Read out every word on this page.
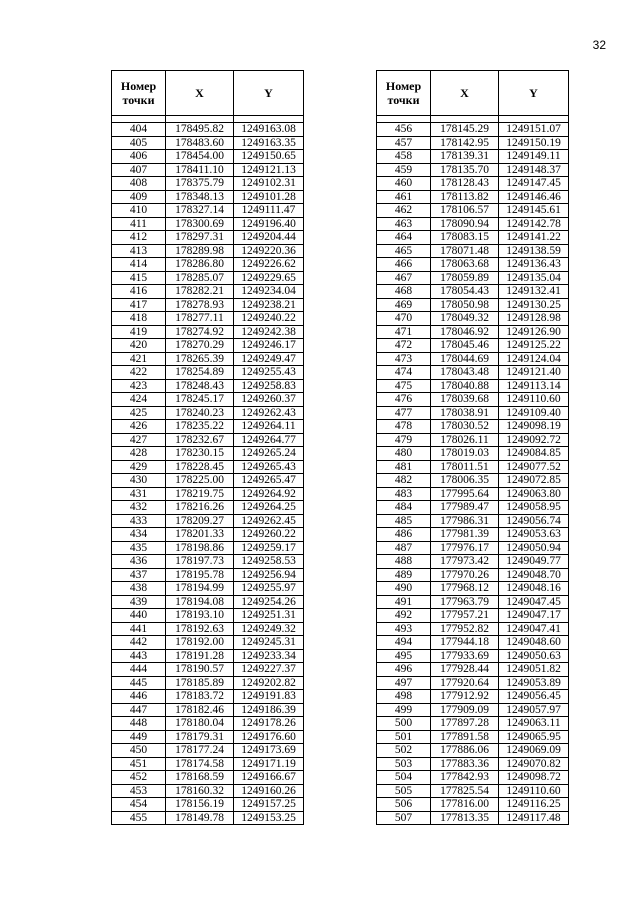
32
Номер точки	X	Y

404	178495.82	1249163.08
405	178483.60	1249163.35
406	178454.00	1249150.65
407	178411.10	1249121.13
408	178375.79	1249102.31
409	178348.13	1249101.28
410	178327.14	1249111.47
411	178300.69	1249196.40
412	178297.31	1249204.44
413	178289.98	1249220.36
414	178286.80	1249226.62
415	178285.07	1249229.65
416	178282.21	1249234.04
417	178278.93	1249238.21
418	178277.11	1249240.22
419	178274.92	1249242.38
420	178270.29	1249246.17
421	178265.39	1249249.47
422	178254.89	1249255.43
423	178248.43	1249258.83
424	178245.17	1249260.37
425	178240.23	1249262.43
426	178235.22	1249264.11
427	178232.67	1249264.77
428	178230.15	1249265.24
429	178228.45	1249265.43
430	178225.00	1249265.47
431	178219.75	1249264.92
432	178216.26	1249264.25
433	178209.27	1249262.45
434	178201.33	1249260.22
435	178198.86	1249259.17
436	178197.73	1249258.53
437	178195.78	1249256.94
438	178194.99	1249255.97
439	178194.08	1249254.26
440	178193.10	1249251.31
441	178192.63	1249249.32
442	178192.00	1249245.31
443	178191.28	1249233.34
444	178190.57	1249227.37
445	178185.89	1249202.82
446	178183.72	1249191.83
447	178182.46	1249186.39
448	178180.04	1249178.26
449	178179.31	1249176.60
450	178177.24	1249173.69
451	178174.58	1249171.19
452	178168.59	1249166.67
453	178160.32	1249160.26
454	178156.19	1249157.25
455	178149.78	1249153.25
Номер точки	X	Y

456	178145.29	1249151.07
457	178142.95	1249150.19
458	178139.31	1249149.11
459	178135.70	1249148.37
460	178128.43	1249147.45
461	178113.82	1249146.46
462	178106.57	1249145.61
463	178090.94	1249142.78
464	178083.15	1249141.22
465	178071.48	1249138.59
466	178063.68	1249136.43
467	178059.89	1249135.04
468	178054.43	1249132.41
469	178050.98	1249130.25
470	178049.32	1249128.98
471	178046.92	1249126.90
472	178045.46	1249125.22
473	178044.69	1249124.04
474	178043.48	1249121.40
475	178040.88	1249113.14
476	178039.68	1249110.60
477	178038.91	1249109.40
478	178030.52	1249098.19
479	178026.11	1249092.72
480	178019.03	1249084.85
481	178011.51	1249077.52
482	178006.35	1249072.85
483	177995.64	1249063.80
484	177989.47	1249058.95
485	177986.31	1249056.74
486	177981.39	1249053.63
487	177976.17	1249050.94
488	177973.42	1249049.77
489	177970.26	1249048.70
490	177968.12	1249048.16
491	177963.79	1249047.45
492	177957.21	1249047.17
493	177952.82	1249047.41
494	177944.18	1249048.60
495	177933.69	1249050.63
496	177928.44	1249051.82
497	177920.64	1249053.89
498	177912.92	1249056.45
499	177909.09	1249057.97
500	177897.28	1249063.11
501	177891.58	1249065.95
502	177886.06	1249069.09
503	177883.36	1249070.82
504	177842.93	1249098.72
505	177825.54	1249110.60
506	177816.00	1249116.25
507	177813.35	1249117.48
